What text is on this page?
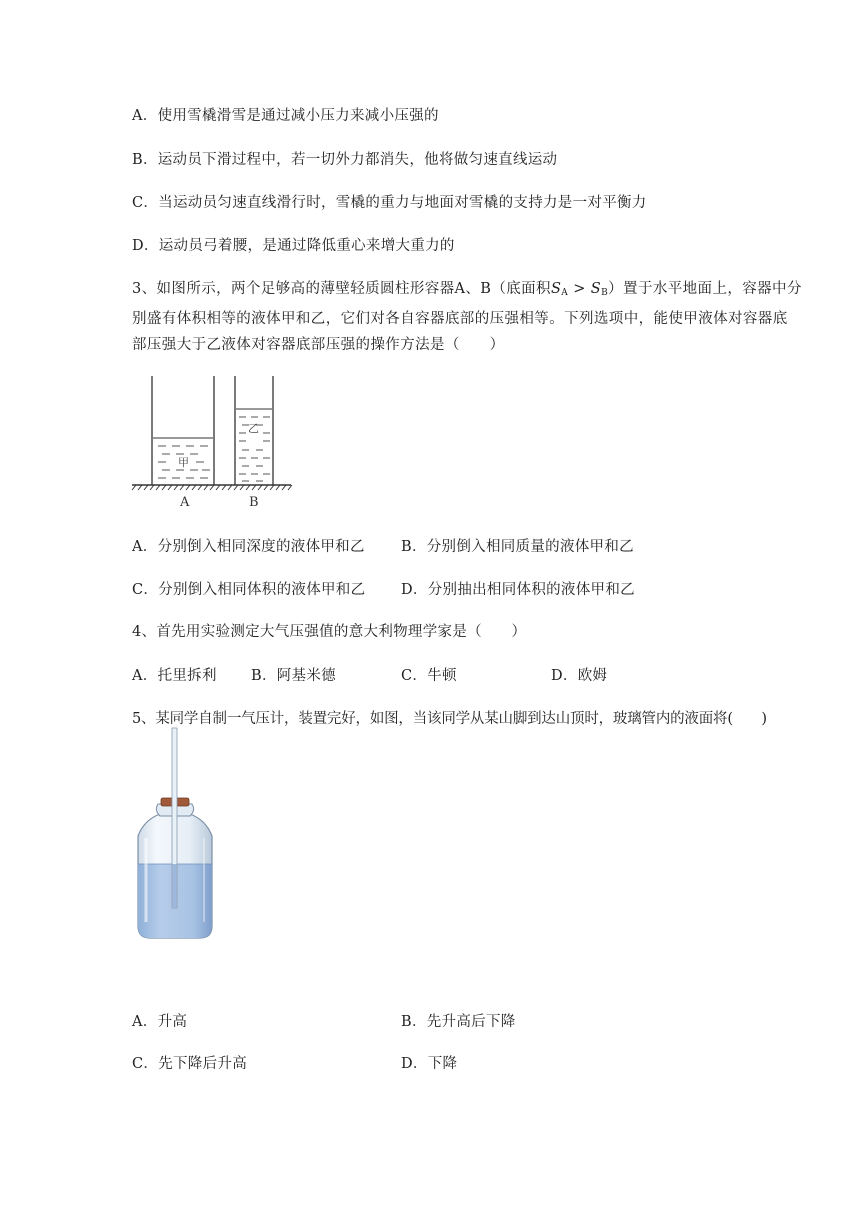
A．使用雪橇滑雪是通过减小压力来减小压强的
B．运动员下滑过程中，若一切外力都消失，他将做匀速直线运动
C．当运动员匀速直线滑行时，雪橇的重力与地面对雪橇的支持力是一对平衡力
D．运动员弓着腰，是通过降低重心来增大重力的
3、如图所示，两个足够高的薄壁轻质圆柱形容器A、B（底面积$S_A > S_B$）置于水平地面上，容器中分别盛有体积相等的液体甲和乙，它们对各自容器底部的压强相等。下列选项中，能使甲液体对容器底部压强大于乙液体对容器底部压强的操作方法是（　　）
甲
乙
A	B
A．分别倒入相同深度的液体甲和乙 B．分别倒入相同质量的液体甲和乙
C．分别倒入相同体积的液体甲和乙 D．分别抽出相同体积的液体甲和乙
4、首先用实验测定大气压强值的意大利物理学家是（　　）
A．托里拆利 B．阿基米德	C．牛顿	D．欧姆
5、某同学自制一气压计，装置完好，如图，当该同学从某山脚到达山顶时，玻璃管内的液面将(　　)
A．升高	B．先升高后下降
C．先下降后升高	D．下降
